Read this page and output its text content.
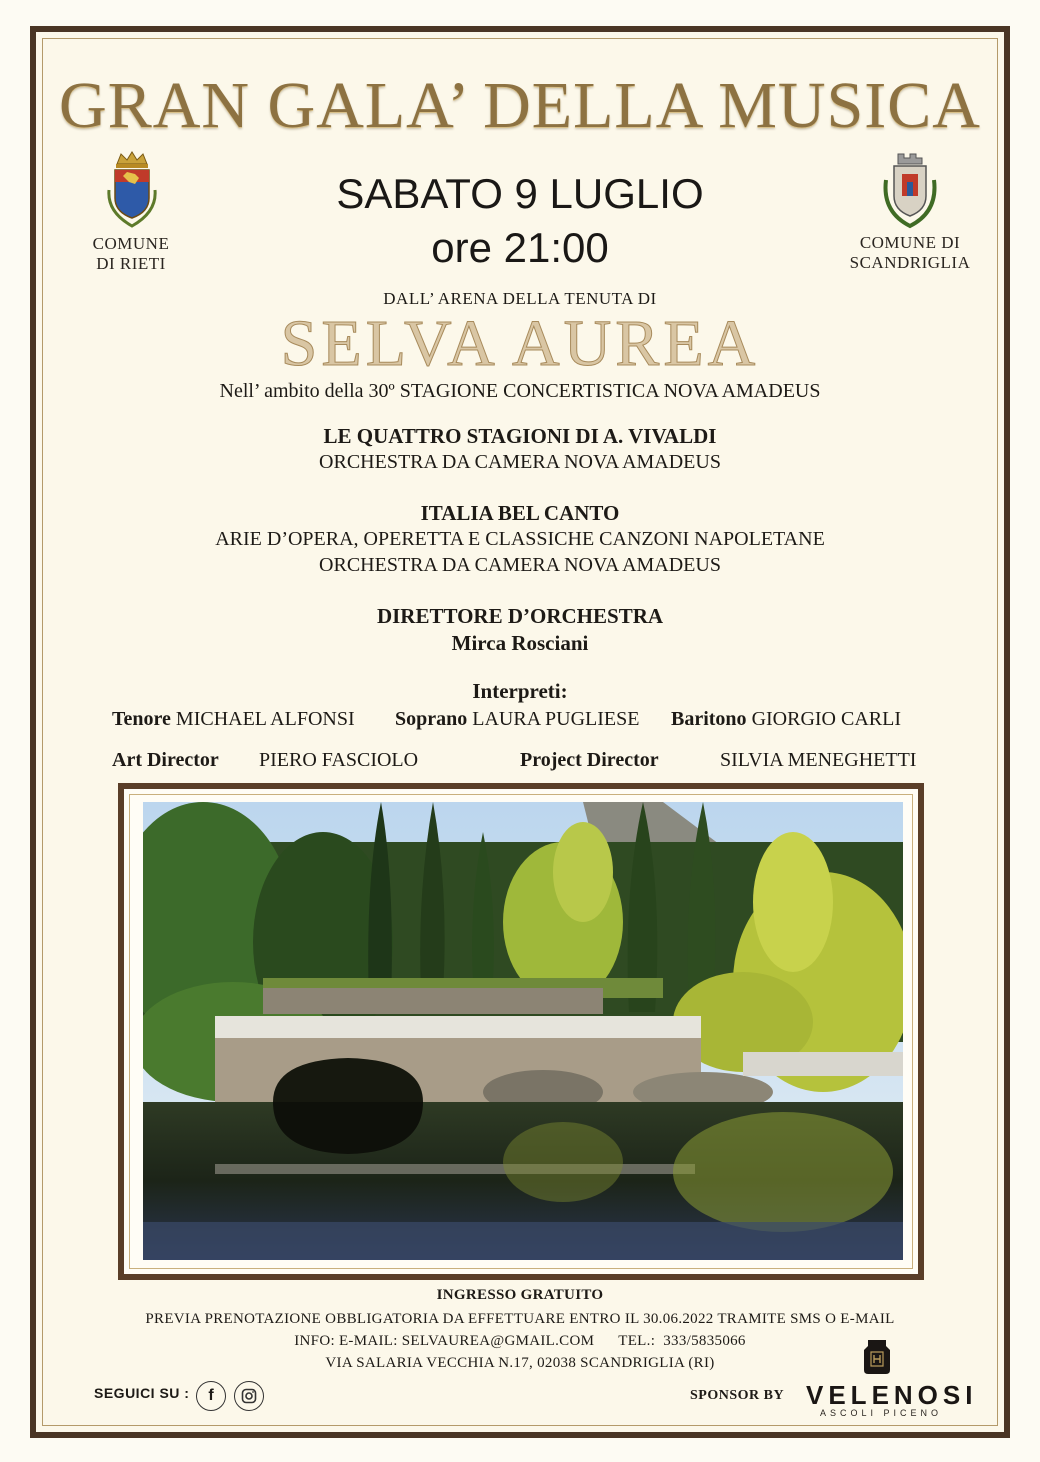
GRAN GALA’ DELLA MUSICA
COMUNE
DI RIETI
COMUNE DI
SCANDRIGLIA
SABATO 9 LUGLIO
ore 21:00
DALL’ ARENA DELLA TENUTA DI
SELVA AUREA
Nell’ ambito della 30º STAGIONE CONCERTISTICA NOVA AMADEUS
LE QUATTRO STAGIONI DI A. VIVALDI
ORCHESTRA DA CAMERA NOVA AMADEUS
ITALIA BEL CANTO
ARIE D’OPERA, OPERETTA E CLASSICHE CANZONI NAPOLETANE
ORCHESTRA DA CAMERA NOVA AMADEUS
DIRETTORE D’ORCHESTRA
Mirca Rosciani
Interpreti:
Tenore MICHAEL ALFONSI Soprano LAURA PUGLIESE Baritono GIORGIO CARLI
Art Director PIERO FASCIOLO	Project Director	SILVIA MENEGHETTI
INGRESSO GRATUITO
PREVIA PRENOTAZIONE OBBLIGATORIA DA EFFETTUARE ENTRO IL 30.06.2022 TRAMITE SMS O E-MAIL
INFO: E-MAIL: SELVAUREA@GMAIL.COM      TEL.:  333/5835066
VIA SALARIA VECCHIA N.17, 02038 SCANDRIGLIA (RI)
SEGUICI SU :	f	SPONSOR BY VELENOSI
ASCOLI PICENO
